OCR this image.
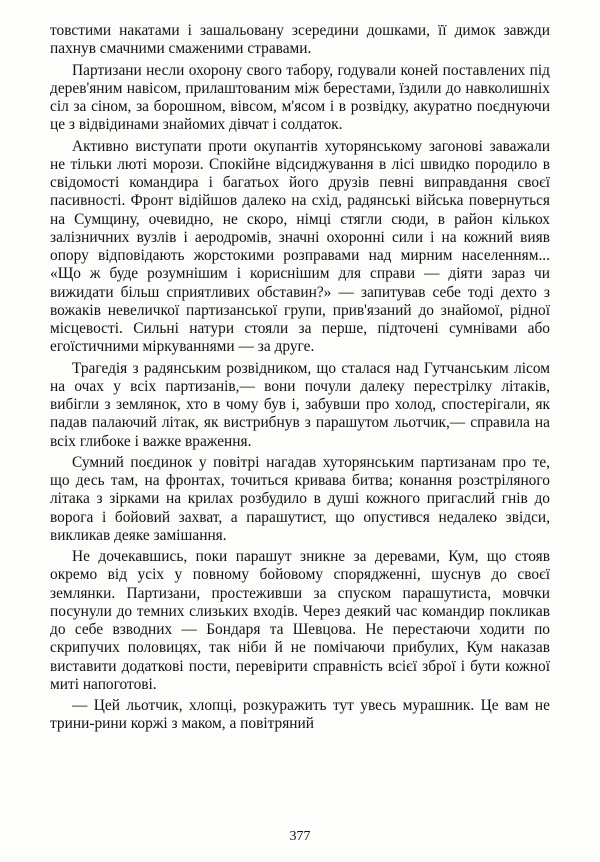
товстими накатами і зашальовану зсередини дошками, її димок завжди пахнув смачними смаженими стравами.

Партизани несли охорону свого табору, годували коней поставлених під дерев'яним навісом, прилаштованим між берестами, їздили до навколишніх сіл за сіном, за борошном, вівсом, м'ясом і в розвідку, акуратно поєднуючи це з відвідинами знайомих дівчат і солдаток.

Активно виступати проти окупантів хуторянському загонові заважали не тільки люті морози. Спокійне відсиджування в лісі швидко породило в свідомості командира і багатьох його друзів певні виправдання своєї пасивності. Фронт відійшов далеко на схід, радянські війська повернуться на Сумщину, очевидно, не скоро, німці стягли сюди, в район кількох залізничних вузлів і аеродромів, значні охоронні сили і на кожний вияв опору відповідають жорстокими розправами над мирним населенням... «Що ж буде розумнішим і кориснішим для справи — діяти зараз чи вижидати більш сприятливих обставин?» — запитував себе тоді дехто з вожаків невеличкої партизанської групи, прив'язаний до знайомої, рідної місцевості. Сильні натури стояли за перше, підточені сумнівами або егоїстичними міркуваннями — за друге.

Трагедія з радянським розвідником, що сталася над Гутчанським лісом на очах у всіх партизанів,— вони почули далеку перестрілку літаків, вибігли з землянок, хто в чому був і, забувши про холод, спостерігали, як падав палаючий літак, як вистрибнув з парашутом льотчик,— справила на всіх глибоке і важке враження.

Сумний поєдинок у повітрі нагадав хуторянським партизанам про те, що десь там, на фронтах, точиться кривава битва; конання розстріляного літака з зірками на крилах розбудило в душі кожного пригаслий гнів до ворога і бойовий захват, а парашутист, що опустився недалеко звідси, викликав деяке замішання.

Не дочекавшись, поки парашут зникне за деревами, Кум, що стояв окремо від усіх у повному бойовому спорядженні, шуснув до своєї землянки. Партизани, простеживши за спуском парашутиста, мовчки посунули до темних слизьких входів. Через деякий час командир покликав до себе взводних — Бондаря та Шевцова. Не перестаючи ходити по скрипучих половицях, так ніби й не помічаючи прибулих, Кум наказав виставити додаткові пости, перевірити справність всієї зброї і бути кожної миті напоготові.

— Цей льотчик, хлопці, розкуражить тут увесь мурашник. Це вам не трини-рини коржі з маком, а повітряний

377
